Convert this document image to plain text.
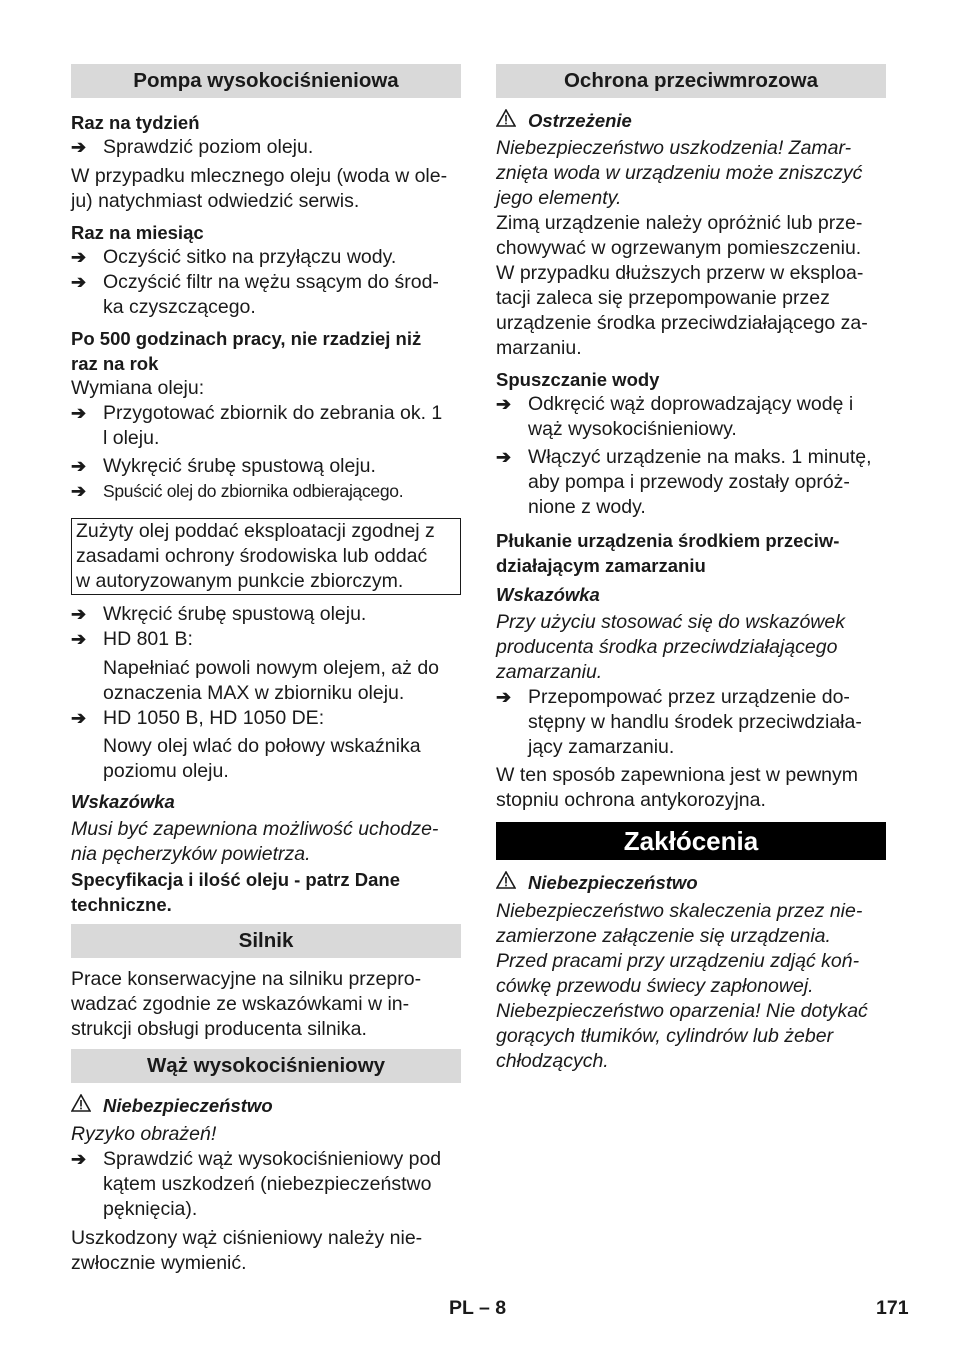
Pompa wysokociśnieniowa
Raz na tydzień
➔ Sprawdzić poziom oleju.

W przypadku mlecznego oleju (woda w ole-

ju) natychmiast odwiedzić serwis.

Raz na miesiąc
➔ Oczyścić sitko na przyłączu wody.
➔ Oczyścić filtr na wężu ssącym do środ-
ka czyszczącego.
Po 500 godzinach pracy, nie rzadziej niż
raz na rok

Wymiana oleju:

➔ Przygotować zbiornik do zebrania ok. 1
l oleju.
➔ Wykręcić śrubę spustową oleju.
➔ Spuścić olej do zbiornika odbierającego.

Zużyty olej poddać eksploatacji zgodnej z

zasadami ochrony środowiska lub oddać

w autoryzowanym punkcie zbiorczym.

➔ Wkręcić śrubę spustową oleju.
➔ HD 801 B:

Napełniać powoli nowym olejem, aż do

oznaczenia MAX w zbiorniku oleju.

➔ HD 1050 B, HD 1050 DE:

Nowy olej wlać do połowy wskaźnika

poziomu oleju.

Wskazówka

Musi być zapewniona możliwość uchodze-

nia pęcherzyków powietrza.

Specyfikacja i ilość oleju - patrz Dane
techniczne.
Silnik

Prace konserwacyjne na silniku przepro-

wadzać zgodnie ze wskazówkami w in-

strukcji obsługi producenta silnika.

Wąż wysokociśnieniowy
Niebezpieczeństwo

Ryzyko obrażeń!

➔ Sprawdzić wąż wysokociśnieniowy pod
kątem uszkodzeń (niebezpieczeństwo
pęknięcia).

Uszkodzony wąż ciśnieniowy należy nie-

zwłocznie wymienić.

Ochrona przeciwmrozowa
Ostrzeżenie

Niebezpieczeństwo uszkodzenia! Zamar-

znięta woda w urządzeniu może zniszczyć

jego elementy.

Zimą urządzenie należy opróżnić lub prze-

chowywać w ogrzewanym pomieszczeniu.

W przypadku dłuższych przerw w eksploa-

tacji zaleca się przepompowanie przez

urządzenie środka przeciwdziałającego za-

marzaniu.

Spuszczanie wody
➔ Odkręcić wąż doprowadzający wodę i
wąż wysokociśnieniowy.
➔ Włączyć urządzenie na maks. 1 minutę,
aby pompa i przewody zostały opróż-
nione z wody.
Płukanie urządzenia środkiem przeciw-
działającym zamarzaniu
Wskazówka

Przy użyciu stosować się do wskazówek

producenta środka przeciwdziałającego

zamarzaniu.

➔ Przepompować przez urządzenie do-
stępny w handlu środek przeciwdziała-
jący zamarzaniu.

W ten sposób zapewniona jest w pewnym

stopniu ochrona antykorozyjna.

Zakłócenia
Niebezpieczeństwo

Niebezpieczeństwo skaleczenia przez nie-

zamierzone załączenie się urządzenia.

Przed pracami przy urządzeniu zdjąć koń-

cówkę przewodu świecy zapłonowej.

Niebezpieczeństwo oparzenia! Nie dotykać

gorących tłumików, cylindrów lub żeber

chłodzących.

PL – 8	171
